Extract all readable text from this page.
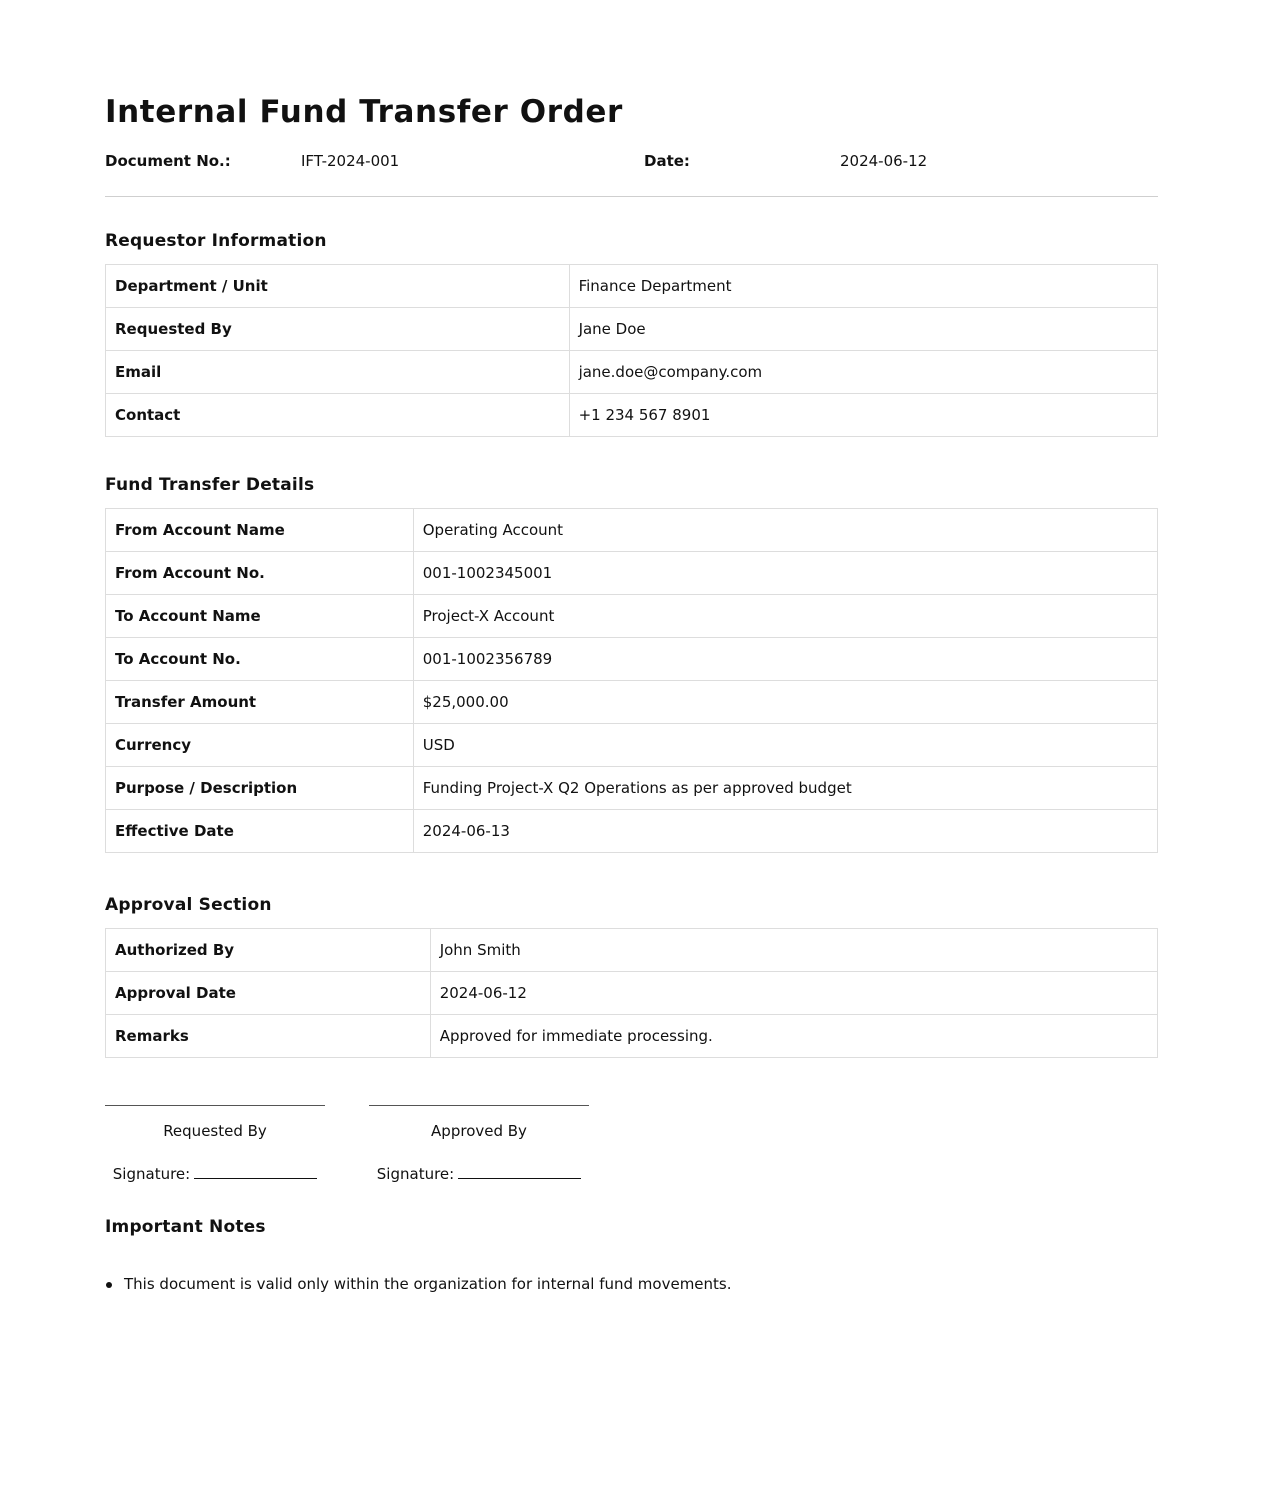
Internal Fund Transfer Order
Document No.:	IFT-2024-001	Date:	2024-06-12
Requestor Information
Department / Unit	Finance Department
Requested By	Jane Doe
Email	jane.doe@company.com
Contact	+1 234 567 8901
Fund Transfer Details
From Account Name	Operating Account
From Account No.	001-1002345001
To Account Name	Project-X Account
To Account No.	001-1002356789
Transfer Amount	$25,000.00
Currency	USD
Purpose / Description	Funding Project-X Q2 Operations as per approved budget
Effective Date	2024-06-13
Approval Section
Authorized By	John Smith
Approval Date	2024-06-12
Remarks	Approved for immediate processing.
Requested By
Signature:
Approved By
Signature:
Important Notes
This document is valid only within the organization for internal fund movements.
